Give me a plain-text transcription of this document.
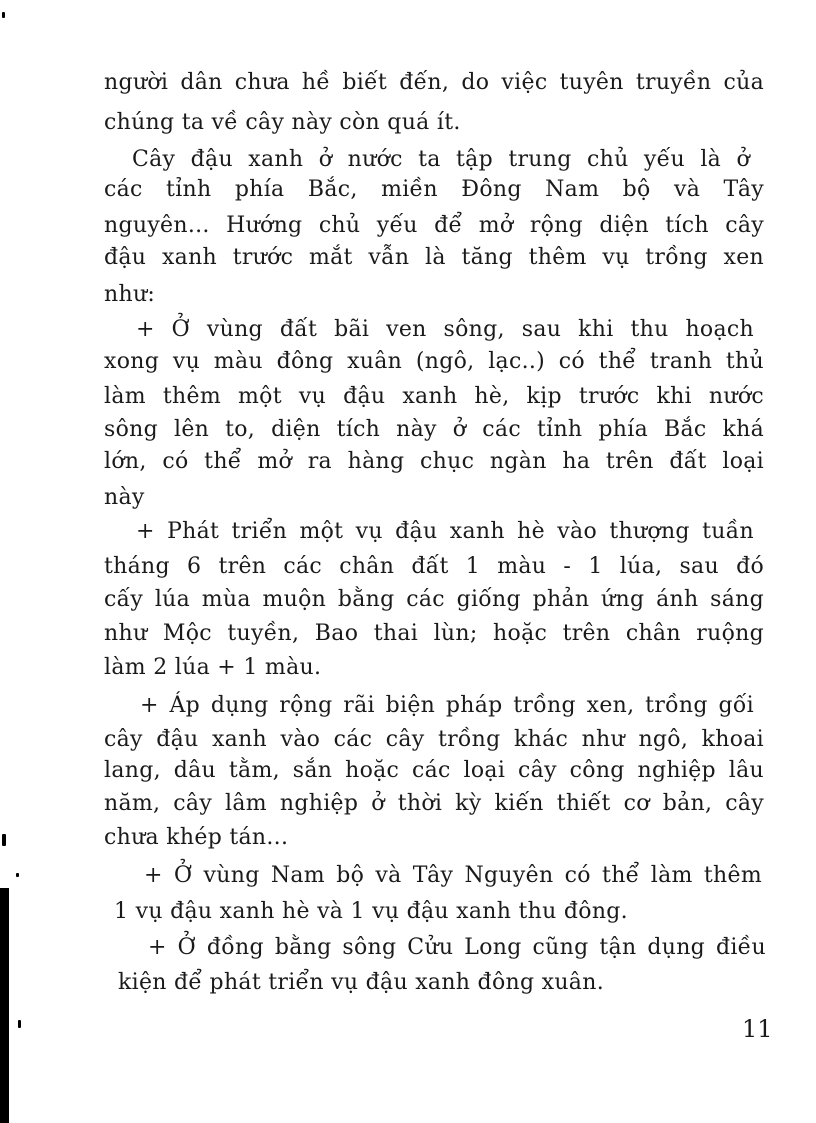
người dân chưa hề biết đến, do việc tuyên truyền của
chúng ta về cây này còn quá ít.
Cây đậu xanh ở nước ta tập trung chủ yếu là ở
các tỉnh phía Bắc, miền Đông Nam bộ và Tây
nguyên... Hướng chủ yếu để mở rộng diện tích cây
đậu xanh trước mắt vẫn là tăng thêm vụ trồng xen
như:
+ Ở vùng đất bãi ven sông, sau khi thu hoạch
xong vụ màu đông xuân (ngô, lạc..) có thể tranh thủ
làm thêm một vụ đậu xanh hè, kịp trước khi nước
sông lên to, diện tích này ở các tỉnh phía Bắc khá
lớn, có thể mở ra hàng chục ngàn ha trên đất loại
này
+ Phát triển một vụ đậu xanh hè vào thượng tuần
tháng 6 trên các chân đất 1 màu - 1 lúa, sau đó
cấy lúa mùa muộn bằng các giống phản ứng ánh sáng
như Mộc tuyền, Bao thai lùn; hoặc trên chân ruộng
làm 2 lúa + 1 màu.
+ Áp dụng rộng rãi biện pháp trồng xen, trồng gối
cây đậu xanh vào các cây trồng khác như ngô, khoai
lang, dâu tằm, sắn hoặc các loại cây công nghiệp lâu
năm, cây lâm nghiệp ở thời kỳ kiến thiết cơ bản, cây
chưa khép tán...
+ Ở vùng Nam bộ và Tây Nguyên có thể làm thêm
1 vụ đậu xanh hè và 1 vụ đậu xanh thu đông.
+ Ở đồng bằng sông Cửu Long cũng tận dụng điều
kiện để phát triển vụ đậu xanh đông xuân.
11
